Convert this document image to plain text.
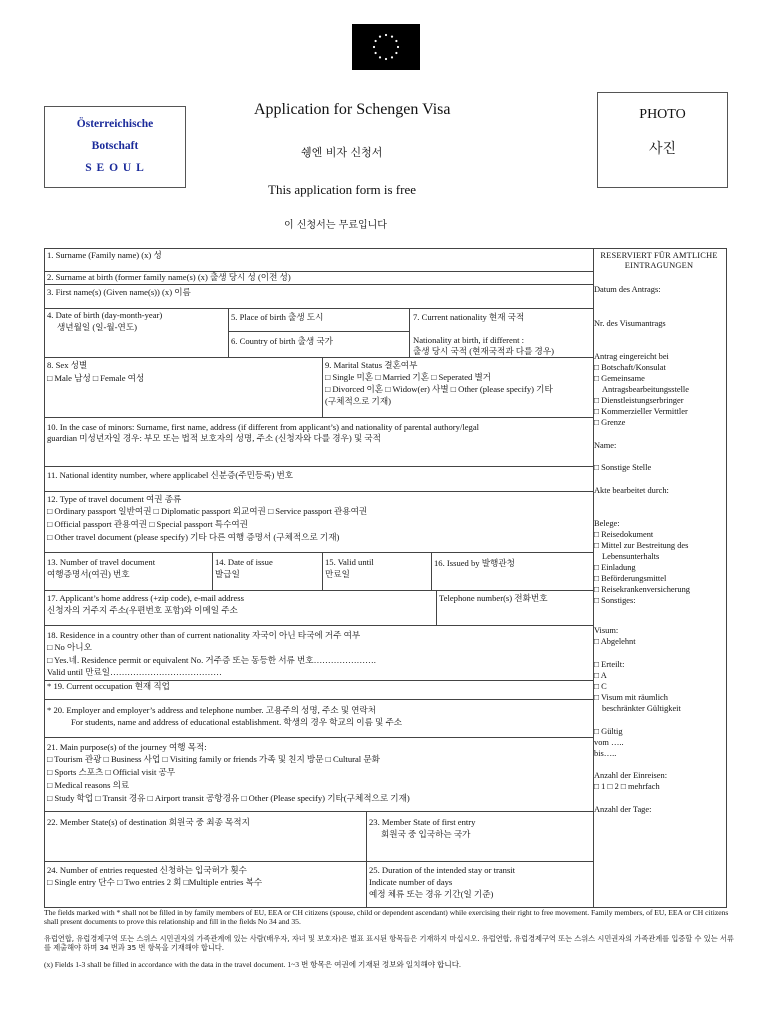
Österreichische
Botschaft
S E O U L
Application for Schengen Visa
쉥엔 비자 신청서
This application form is free
이 신청서는 무료입니다
PHOTO
사진
1. Surname (Family name) (x) 성
2. Surname at birth (former family name(s) (x) 출생 당시 성 (이전 성)
3. First name(s) (Given name(s)) (x) 이름
4. Date of birth (day-month-year)
생년월일 (일-월-연도)
5. Place of birth 출생 도시
6. Country of birth 출생 국가
7. Current nationality 현재 국적
Nationality at birth, if different :
출생 당시 국적 (현재국적과 다를 경우)
8. Sex 성별
□ Male 남성 □ Female 여성
9. Marital Status 결혼여부
□ Single 미혼 □ Married 기혼 □ Seperated 별거
□ Divorced 이혼 □ Widow(er) 사별 □ Other (please specify) 기타
(구체적으로 기재)
10. In the case of minors: Surname, first name, address (if different from applicant’s) and nationality of parental authory/legal
guardian 미성년자일 경우: 부모 또는 법적 보호자의 성명, 주소 (신청자와 다를 경우) 및 국적
11. National identity number, where applicabel 신분증(주민등록) 번호
12. Type of travel document 여권 종류
□ Ordinary passport 일반여권 □ Diplomatic passport 외교여권 □ Service passport 관용여권
□ Official passport 관용여권 □ Special passport 특수여권
□ Other travel document (please specify) 기타 다른 여행 증명서 (구체적으로 기재)
13. Number of travel document
여행증명서(여권) 번호
14. Date of issue
발급일
15. Valid until
만료일
16. Issued by 발행관청
17. Applicant’s home address (+zip code), e-mail address
신청자의 거주지 주소(우편번호 포함)와 이메일 주소
Telephone number(s) 전화번호
18. Residence in a country other than of current nationality 자국이 아닌 타국에 거주 여부
□ No 아니오
□ Yes.네. Residence permit or equivalent No. 거주증 또는 동등한 서류 번호………………….
Valid until 만료일…………………………………
* 19. Current occupation 현재 직업
* 20. Employer and employer’s address and telephone number. 고용주의 성명, 주소 및 연락처
For students, name and address of educational establishment. 학생의 경우 학교의 이름 및 주소
21. Main purpose(s) of the journey 여행 목적:
□ Tourism 관광 □ Business 사업 □ Visiting family or friends 가족 및 친지 방문 □ Cultural 문화
□ Sports 스포츠 □ Official visit 공무
□ Medical reasons 의료
□ Study 학업 □ Transit 경유 □ Airport transit 공항경유 □ Other (Please specify) 기타(구체적으로 기재)
22. Member State(s) of destination 회원국 중 최종 목적지	23. Member State of first entry
회원국 중 입국하는 국가
24. Number of entries requested 신청하는 입국허가 횟수
□ Single entry 단수 □ Two entries 2 회 □Multiple entries 복수
25. Duration of the intended stay or transit
Indicate number of days
예정 체류 또는 경유 기간(일 기준)
RESERVIERT FÜR AMTLICHE
EINTRAGUNGEN
Datum des Antrags:
Nr. des Visumantrags
Antrag eingereicht bei
□ Botschaft/Konsulat
□ Gemeinsame
Antragsbearbeitungsstelle
□ Dienstleistungserbringer
□ Kommerzieller Vermittler
□ Grenze
Name:
□ Sonstige Stelle
Akte bearbeitet durch:
Belege:
□ Reisedokument
□ Mittel zur Bestreitung des
Lebensunterhalts
□ Einladung
□ Beförderungsmittel
□ Reisekrankenversicherung
□ Sonstiges:
Visum:
□ Abgelehnt
□ Erteilt:
□ A
□ C
□ Visum mit räumlich
beschränkter Gültigkeit
□ Gültig
vom …..
bis…..
Anzahl der Einreisen:
□ 1 □ 2 □ mehrfach
Anzahl der Tage:
The fields marked with * shall not be filled in by family members of EU, EEA or CH citizens (spouse, child or dependent ascendant) while exercising their right to free movement. Family members, of EU, EEA or CH citizens shall present documents to prove this relationship and fill in the fields No 34 and 35.
유럽연합, 유럽경제구역 또는 스위스 시민권자의 가족관계에 있는 사람(배우자, 자녀 및 보호자)은 별표 표시된 항목들은 기재하지 마십시오. 유럽연합, 유럽경제구역 또는 스위스 시민권자의 가족관계를 입증할 수 있는 서류를 제출해야 하며 34 번과 35 번 항목을 기재해야 합니다.
(x) Fields 1-3 shall be filled in accordance with the data in the travel document. 1~3 번 항목은 여권에 기재된 정보와 일치해야 합니다.
